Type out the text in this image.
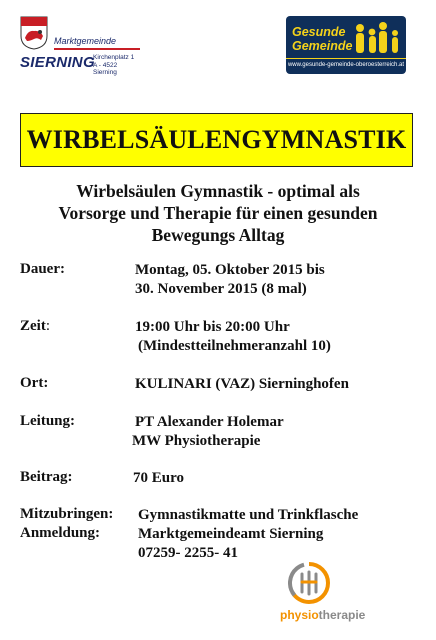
Marktgemeinde
SIERNING
Kirchenplatz 1
A - 4522 Sierning
Gesunde
Gemeinde
www.gesunde-gemeinde-oberoesterreich.at
WIRBELSÄULENGYMNASTIK
Wirbelsäulen Gymnastik - optimal als
Vorsorge und Therapie für einen gesunden
Bewegungs Alltag
Dauer:	Montag, 05. Oktober 2015 bis
30. November 2015 (8 mal)
Zeit:	19:00 Uhr bis 20:00 Uhr
(Mindestteilnehmeranzahl 10)
Ort:	KULINARI (VAZ) Sierninghofen
Leitung:	PT Alexander Holemar
MW Physiotherapie
Beitrag:	70 Euro
Mitzubringen: Gymnastikmatte und Trinkflasche
Anmeldung:	Marktgemeindeamt Sierning
07259- 2255- 41
physiotherapie
